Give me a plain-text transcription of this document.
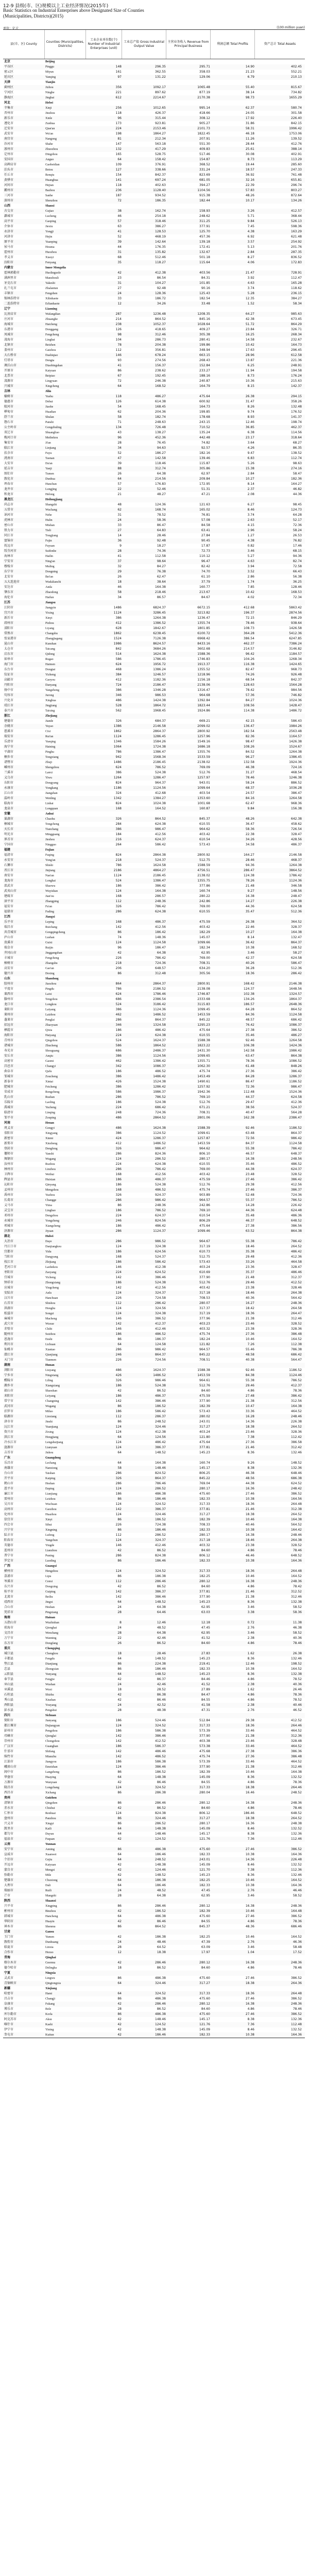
12-9 县级(市、区)规模以上工业经济情况(2015年)
Basic Statistics on Industrial Enterprises above Designated Size of Counties (Municipalities, Districts)(2015)
单位：亿元	(100 million yuan)
县(市、区) County
Counties (Municipalities, Districts)
工业企业单位数(个) Number of Industrial Enterprises (unit)
工业总产值 Gross Industrial Output Value
主营业务收入 Revenue from Principal Business
利润总额 Total Profits	资产总计 Total Assets
北京	Beijing
平谷区	Pinggu	148	296.35	295.71	14.90	402.45
密云区	Miyun	161	362.55	358.03	21.23	552.21
延庆区	Yanqing	97	131.22	129.06	6.79	210.13
天津	Tianjin
蓟州区	Jizhou	356	1092.17	1065.48	55.40	815.67
宁河区	Ninghe	221	897.62	877.19	38.14	734.82
静海区	Jinghai	612	2214.67	2170.38	98.73	1655.29
河北	Hebei
辛集市	Xinji	256	1012.65	995.14	62.37	580.74
晋州市	Jinzhou	118	426.37	418.66	24.05	301.58
新乐市	Xinle	96	315.44	308.12	17.92	226.40
遵化市	Zunhua	173	923.81	905.27	31.86	842.15
迁安市	Qian'an	224	2153.46	2101.73	58.31	1996.42
武安市	Wu'an	198	1864.27	1822.45	46.18	1753.06
南宫市	Nangong	81	212.34	207.91	11.26	139.52
沙河市	Shahe	147	563.18	551.30	28.44	412.76
涿州市	Zhuozhou	132	417.29	409.83	25.61	388.14
定州市	Dingzhou	165	528.75	517.46	30.08	402.91
安国市	Anguo	64	158.42	154.87	8.73	113.29
高碑店市	Gaobeidian	109	376.91	368.52	19.44	285.60
泊头市	Botou	127	338.66	331.24	18.57	247.33
任丘市	Renqiu	154	842.37	823.69	36.92	761.48
黄骅市	Huanghua	141	697.24	681.05	32.16	655.81
河间市	Hejian	118	402.63	394.27	22.39	296.74
霸州市	Bazhou	236	1128.40	1104.56	57.83	803.27
三河市	Sanhe	187	934.52	915.38	48.26	872.64
深州市	Shenzhou	72	186.35	182.44	10.17	134.26
山西	Shanxi
古交市	Gujiao	38	162.74	158.93	3.26	412.57
潞城市	Lucheng	46	254.18	248.62	5.71	368.44
高平市	Gaoping	57	318.46	311.25	9.84	526.13
介休市	Jiexiu	63	386.27	377.91	7.45	598.36
永济市	Yongji	41	128.53	125.70	4.38	163.29
河津市	Hejin	52	468.19	457.36	6.92	621.48
原平市	Yuanping	39	142.64	139.18	3.57	254.92
侯马市	Houma	44	176.35	172.41	5.13	201.76
霍州市	Huozhou	31	135.82	132.67	2.84	287.35
孝义市	Xiaoyi	68	512.46	501.18	8.27	836.52
汾阳市	Fenyang	35	118.27	115.64	4.06	172.83
内蒙古	Inner Mongolia
霍林郭勒市	Huolinguole	42	412.38	403.56	21.47	728.91
满洲里市	Manzhouli	23	86.54	84.31	3.92	112.47
牙克石市	Yakeshi	31	104.27	101.85	4.63	165.28
扎兰屯市	Zhalantun	27	92.48	90.16	3.74	118.62
丰镇市	Fengzhen	24	128.36	125.43	5.28	236.15
锡林浩特市	Xilinhaote	33	186.72	182.54	12.35	384.27
二连浩特市	Erlianhaote	12	34.26	33.48	1.52	58.34
辽宁	Liaoning
瓦房店市	Wafangdian	287	1236.48	1208.35	64.27	985.63
庄河市	Zhuanghe	214	864.52	845.16	42.38	673.45
海城市	Haicheng	238	1052.37	1028.64	51.72	864.29
东港市	Donggang	126	418.65	409.27	23.84	326.71
凤城市	Fengcheng	98	312.46	305.38	16.25	268.34
凌海市	Linghai	104	286.73	280.41	14.58	232.67
北镇市	Beizhen	78	204.38	199.86	10.42	164.73
盖州市	Gaizhou	112	356.81	348.94	17.63	296.45
大石桥市	Dashiqiao	146	678.24	663.15	28.96	612.58
灯塔市	Dengta	93	274.56	268.43	13.87	221.36
调兵山市	Diaobingshan	41	156.37	152.84	6.25	248.91
开原市	Kaiyuan	86	238.62	233.27	11.94	194.58
北票市	Beipiao	67	192.45	188.16	8.73	176.24
凌源市	Lingyuan	72	246.38	240.87	10.36	215.63
兴城市	Xingcheng	64	168.52	164.79	8.15	142.37
吉林	Jilin
榆树市	Yushu	118	486.27	475.64	26.38	294.15
德惠市	Dehui	126	614.38	600.92	31.47	358.26
蛟河市	Jiaohe	54	168.45	164.73	8.26	132.48
桦甸市	Huadian	62	204.36	199.85	9.74	176.52
舒兰市	Shulan	58	182.74	178.68	8.93	141.37
磐石市	Panshi	71	248.63	243.15	12.46	198.74
公主岭市	Gongzhuling	134	726.48	710.52	36.85	462.37
双辽市	Shuangliao	43	138.27	135.24	6.38	114.56
梅河口市	Meihekou	96	452.36	442.48	23.17	318.64
集安市	Ji'an	28	76.45	74.82	3.64	68.27
临江市	Linjiang	34	94.63	92.57	4.26	86.35
扶余市	Fuyu	52	186.27	182.16	9.47	138.52
洮南市	Taonan	47	142.58	139.46	6.83	112.74
大安市	Da'an	39	118.46	115.87	5.26	98.63
延吉市	Yanji	88	312.74	305.86	15.38	274.16
图们市	Tumen	26	64.38	62.97	2.84	58.47
敦化市	Dunhua	64	214.56	209.84	10.27	182.36
珲春市	Hunchun	57	176.83	172.95	8.14	164.27
龙井市	Longjing	22	52.46	51.31	2.37	46.82
和龙市	Helong	21	48.27	47.21	2.08	44.36
黑龙江	Heilongjiang
尚志市	Shangzhi	48	124.36	121.63	6.27	98.45
五常市	Wuchang	62	168.74	165.02	8.46	124.73
讷河市	Nehe	31	78.52	76.81	3.74	64.28
虎林市	Hulin	24	58.36	57.08	2.63	52.17
密山市	Mishan	33	86.47	84.58	4.15	72.36
铁力市	Tieli	27	64.83	63.41	2.96	58.24
同江市	Tongjiang	14	28.46	27.84	1.27	26.53
富锦市	Fujin	36	92.48	90.45	4.38	76.82
抚远市	Fuyuan	9	18.27	17.87	0.82	17.46
绥芬河市	Suifenhe	28	74.36	72.73	3.46	68.15
海林市	Hailin	41	112.58	110.12	5.27	94.36
宁安市	Ning'an	37	98.64	96.47	4.63	82.74
穆棱市	Muling	32	84.27	82.42	3.94	72.58
东宁市	Dongning	29	76.38	74.70	3.52	66.43
北安市	Bei'an	26	62.47	61.10	2.86	56.38
五大连池市	Wudalianchi	18	38.64	37.79	1.74	36.25
安达市	Anda	46	164.38	160.77	7.85	128.46
肇东市	Zhaodong	58	218.46	213.67	10.42	168.53
海伦市	Hailun	34	86.57	84.67	4.02	72.34
江苏	Jiangsu
江阴市	Jiangyin	1486	6824.37	6672.15	412.68	5863.42
宜兴市	Yixing	1124	3286.45	3213.82	196.37	2874.56
新沂市	Xinyi	386	1264.38	1236.47	72.15	846.29
邳州市	Pizhou	412	1386.52	1355.74	78.46	938.64
溧阳市	Liyang	628	1842.67	1801.85	108.73	1426.58
常熟市	Changshu	1862	6238.45	6100.72	364.28	5412.36
张家港市	Zhangjiagang	1524	7126.38	6968.42	386.54	6247.85
昆山市	Kunshan	1986	8624.57	8433.16	462.37	7386.24
太仓市	Taicang	842	3684.26	3602.68	214.57	3146.82
启东市	Qidong	514	1624.38	1588.36	96.42	1184.57
如皋市	Rugao	586	1786.45	1746.83	104.26	1268.34
海门市	Haimen	624	1956.72	1913.37	116.38	1424.65
东台市	Dongtai	468	1386.24	1355.52	82.47	968.73
仪征市	Yizheng	384	1246.57	1218.96	74.26	926.48
高邮市	Gaoyou	412	1182.36	1156.18	68.54	842.37
丹阳市	Danyang	724	2186.47	2138.06	128.63	1564.28
扬中市	Yangzhong	386	1346.28	1316.47	78.42	984.56
句容市	Jurong	346	986.53	964.68	57.36	746.82
兴化市	Xinghua	486	1424.38	1392.84	84.27	1024.36
靖江市	Jingjiang	528	1864.72	1823.44	108.56	1428.47
泰兴市	Taixing	562	1968.45	1924.86	114.38	1486.72
浙江	Zhejiang
建德市	Jiande	326	684.37	669.21	42.15	586.43
余姚市	Yuyao	1386	2146.58	2099.02	136.47	1984.26
慈溪市	Cixi	1862	2864.37	2800.92	182.54	2563.48
瑞安市	Rui'an	1124	1286.45	1257.96	82.36	1164.57
乐清市	Yueqing	1346	1584.26	1549.16	98.47	1426.38
海宁市	Haining	1064	1724.38	1686.18	108.26	1524.67
平湖市	Pinghu	786	1386.47	1355.76	84.52	1264.38
桐乡市	Tongxiang	942	1568.34	1533.59	96.27	1386.45
诸暨市	Zhuji	1486	2186.45	2138.02	132.58	1924.36
嵊州市	Shengzhou	624	786.52	769.09	46.38	724.16
兰溪市	Lanxi	386	524.38	512.76	31.27	468.54
义乌市	Yiwu	1264	1286.47	1257.97	78.46	1246.38
东阳市	Dongyang	824	964.37	943.01	58.24	886.52
永康市	Yongkang	1186	1124.56	1099.64	68.37	1036.28
江山市	Jiangshan	324	412.68	403.54	24.57	386.47
温岭市	Wenling	1342	1384.27	1353.60	84.16	1264.58
临海市	Linhai	824	1024.38	1001.68	62.47	968.36
龙泉市	Longquan	168	164.52	160.87	9.84	156.38
安徽	Anhui
巢湖市	Chaohu	326	864.52	845.37	48.26	642.38
桐城市	Tongcheng	284	624.38	610.55	36.47	458.62
天长市	Tianchang	386	986.47	964.62	58.36	726.54
明光市	Mingguang	184	412.56	403.42	22.38	328.47
界首市	Jieshou	216	624.37	610.54	34.26	428.56
宁国市	Ningguo	264	586.42	573.43	34.58	486.37
福建	Fujian
福清市	Fuqing	824	2864.38	2800.92	164.27	2146.58
永安市	Yong'an	218	524.37	512.75	28.46	468.37
石狮市	Shishi	786	1624.58	1588.59	94.36	1264.38
晋江市	Jinjiang	2186	4864.27	4756.51	286.47	3864.52
南安市	Nan'an	1124	2186.45	2138.02	124.38	1786.42
龙海市	Longhai	524	1386.47	1355.75	78.26	1124.36
邵武市	Shaowu	186	386.42	377.86	21.48	346.58
武夷山市	Wuyishan	124	164.38	160.74	9.27	148.56
建瓯市	Jian'ou	168	286.57	280.22	16.38	248.47
漳平市	Zhangping	112	248.36	242.86	14.27	226.38
福安市	Fu'an	326	786.42	769.00	44.36	624.58
福鼎市	Fuding	286	624.38	610.55	35.47	512.36
江西	Jiangxi
乐平市	Leping	168	486.37	475.59	26.38	364.52
瑞昌市	Ruichang	142	412.56	403.42	22.46	328.37
共青城市	Gongqingcheng	86	186.42	182.29	10.27	164.38
庐山市	Lushan	74	148.36	145.07	8.14	132.47
贵溪市	Guixi	124	1124.58	1099.66	36.42	864.37
瑞金市	Ruijin	96	186.47	182.34	10.38	168.52
井冈山市	Jinggangshan	42	64.38	62.95	3.46	58.27
丰城市	Fengcheng	226	786.42	769.00	42.37	624.58
樟树市	Zhangshu	218	724.36	708.31	40.26	586.47
高安市	Gao'an	206	648.57	634.20	36.28	512.36
德兴市	Dexing	86	312.48	305.56	18.36	286.42
山东	Shandong
胶州市	Jiaozhou	864	2864.37	2800.91	168.42	2146.38
平度市	Pingdu	786	2186.52	2138.08	124.37	1648.56
莱西市	Laixi	624	1786.46	1746.87	102.38	1324.57
滕州市	Tengzhou	686	2386.54	2333.68	134.26	1864.37
龙口市	Longkou	524	3186.42	3115.83	186.57	2648.36
莱阳市	Laiyang	386	1124.36	1099.45	64.28	864.52
莱州市	Laizhou	462	1486.52	1453.59	84.36	1124.58
蓬莱市	Penglai	286	864.37	845.22	48.57	686.42
招远市	Zhaoyuan	346	1324.58	1295.23	76.42	1086.37
栖霞市	Qixia	186	486.42	475.64	27.38	386.52
海阳市	Haiyang	224	624.38	610.55	35.46	486.27
青州市	Qingzhou	524	1624.37	1588.38	92.46	1264.58
诸城市	Zhucheng	586	1864.52	1823.22	106.38	1424.36
寿光市	Shouguang	686	2486.37	2431.30	142.58	1986.42
安丘市	Anqiu	386	1124.56	1099.65	63.47	864.38
高密市	Gaomi	462	1386.42	1355.71	78.36	1086.52
昌邑市	Changyi	342	1086.37	1062.30	61.48	848.26
曲阜市	Qufu	186	486.52	475.74	27.36	386.42
邹城市	Zoucheng	386	1486.42	1453.49	84.28	1286.37
新泰市	Xintai	426	1524.38	1490.61	86.47	1186.52
肥城市	Feicheng	386	1286.42	1257.92	72.36	986.47
荣成市	Rongcheng	586	1986.37	1942.36	112.48	1524.36
乳山市	Rushan	286	786.52	769.10	44.37	624.58
乐陵市	Laoling	186	524.38	512.76	29.47	412.36
禹城市	Yucheng	224	686.42	671.21	38.56	524.37
临清市	Linqing	248	724.36	708.31	40.47	564.28
邹平市	Zouping	486	2864.52	2801.06	162.38	2386.47
河南	Henan
巩义市	Gongyi	486	1624.38	1588.39	92.46	1186.52
荥阳市	Xingyang	386	1124.52	1099.61	63.48	864.37
新密市	Xinmi	424	1286.37	1257.87	72.56	986.42
新郑市	Xinzheng	412	1486.52	1453.59	84.37	1124.58
登封市	Dengfeng	326	986.47	964.62	55.38	786.42
偃师市	Yanshi	286	824.36	806.10	46.57	648.37
舞钢市	Wugang	124	286.52	280.17	16.38	248.56
汝州市	Ruzhou	224	624.38	610.55	35.46	486.52
林州市	Linzhou	286	786.42	769.00	44.38	624.37
卫辉市	Weihui	168	412.56	403.42	23.48	328.52
辉县市	Huixian	186	486.37	475.59	27.46	386.42
沁阳市	Qinyang	186	524.38	512.76	29.38	412.56
孟州市	Mengzhou	168	486.52	475.74	27.46	386.37
禹州市	Yuzhou	326	924.37	903.89	52.48	724.36
长葛市	Changge	286	986.42	964.57	55.37	786.52
义马市	Yima	86	248.36	242.86	14.28	226.42
灵宝市	Lingbao	186	786.52	769.10	44.36	624.48
邓州市	Dengzhou	224	624.37	610.54	35.48	486.36
永城市	Yongcheng	246	824.56	806.29	46.37	648.52
项城市	Xiangcheng	186	486.42	475.64	27.38	386.56
济源市	Jiyuan	286	1124.37	1099.46	63.52	864.38
湖北	Hubei
大冶市	Daye	286	986.52	964.67	55.38	786.42
丹江口市	Danjiangkou	124	324.38	317.19	18.46	264.52
宜都市	Yidu	186	624.56	610.73	35.38	486.42
当阳市	Dangyang	168	524.37	512.75	29.48	412.36
枝江市	Zhijiang	186	586.42	573.43	33.26	464.58
老河口市	Laohekou	146	412.38	403.24	23.36	328.47
枣阳市	Zaoyang	224	624.52	610.69	35.37	486.46
宜城市	Yicheng	142	386.46	377.90	21.48	312.37
钟祥市	Zhongxiang	186	524.38	512.76	29.46	412.52
应城市	Yingcheng	142	412.56	403.42	23.38	328.46
安陆市	Anlu	124	324.37	317.18	18.46	264.38
汉川市	Hanchuan	226	724.58	708.53	40.36	564.42
石首市	Shishou	112	286.42	280.07	16.27	248.36
洪湖市	Honghu	124	324.56	317.37	18.42	264.58
松滋市	Songzi	124	324.38	317.19	18.36	264.47
麻城市	Macheng	146	386.52	377.96	21.38	312.46
武穴市	Wuxue	142	412.37	403.23	23.46	328.52
赤壁市	Chibi	146	412.46	403.32	23.38	328.36
随州市	Suizhou	186	486.52	475.74	27.36	386.48
恩施市	Enshi	86	186.37	182.24	10.46	164.52
利川市	Lichuan	64	124.58	121.82	7.26	112.38
仙桃市	Xiantao	286	986.42	964.57	55.46	786.38
潜江市	Qianjiang	246	864.37	845.22	48.58	686.42
天门市	Tianmen	226	724.56	708.51	40.38	564.47
湖南	Hunan
浏阳市	Liuyang	486	1624.37	1588.38	92.46	1186.52
宁乡市	Ningxiang	426	1486.52	1453.59	84.38	1124.46
醴陵市	Liling	326	986.46	964.61	55.38	786.52
湘乡市	Xiangxiang	186	524.38	512.76	29.46	412.37
韶山市	Shaoshan	42	86.52	84.60	4.86	78.36
耒阳市	Leiyang	186	486.37	475.59	27.48	386.42
常宁市	Changning	142	386.46	377.90	21.38	312.56
武冈市	Wugang	86	186.52	182.39	10.47	164.38
汨罗市	Miluo	186	586.42	573.43	33.36	464.52
临湘市	Linxiang	112	286.37	280.02	16.28	248.46
津市市	Jinshi	86	248.52	243.01	14.36	226.38
沅江市	Yuanjiang	124	324.46	317.27	18.38	264.52
资兴市	Zixing	124	412.38	403.24	23.46	328.36
洪江市	Hongjiang	64	124.56	121.80	7.38	112.42
冷水江市	Lengshuijiang	124	486.42	475.64	27.36	386.58
涟源市	Lianyuan	124	386.37	377.81	21.46	312.42
吉首市	Jishou	64	148.52	145.23	8.36	132.46
广东	Guangdong
乐昌市	Lechang	64	164.38	160.74	9.26	148.52
南雄市	Nanxiong	58	148.46	145.17	8.38	132.36
台山市	Taishan	286	824.52	806.25	46.38	648.46
开平市	Kaiping	326	864.37	845.22	48.56	686.38
鹤山市	Heshan	286	786.46	769.04	44.38	624.52
恩平市	Enping	124	286.52	280.17	16.36	248.42
廉江市	Lianjiang	186	486.38	475.60	27.46	386.52
雷州市	Leizhou	86	186.46	182.33	10.38	164.56
吴川市	Wuchuan	124	324.52	317.33	18.36	264.48
高州市	Gaozhou	142	386.37	377.81	21.46	312.38
化州市	Huazhou	124	324.46	317.27	18.38	264.52
信宜市	Xinyi	86	186.52	182.39	10.46	164.38
四会市	Sihui	226	724.38	708.33	40.46	564.52
兴宁市	Xingning	86	186.46	182.33	10.38	164.42
陆丰市	Lufeng	112	286.52	280.17	16.38	248.46
阳春市	Yangchun	124	324.37	317.18	18.46	264.38
英德市	Yingde	146	412.46	403.32	23.38	328.52
连州市	Lianzhou	42	86.52	84.60	4.86	78.46
普宁市	Puning	286	824.38	806.12	46.46	648.52
罗定市	Luoding	86	186.46	182.33	10.38	164.36
广西	Guangxi
横州市	Hengzhou	124	324.52	317.33	18.36	264.48
荔浦市	Lipu	86	186.38	182.25	10.46	164.52
岑溪市	Cenxi	112	286.46	280.12	16.38	248.36
东兴市	Dongxing	42	86.52	84.60	4.86	78.42
桂平市	Guiping	142	386.37	377.81	21.46	312.52
北流市	Beiliu	142	386.46	377.90	21.38	312.46
靖西市	Jingxi	64	148.52	145.23	8.36	132.38
合山市	Heshan	24	64.38	62.95	3.46	58.52
凭祥市	Pingxiang	28	64.46	63.03	3.38	58.36
海南	Hainan
五指山市	Wuzhishan	8	12.46	12.18	0.72	11.38
琼海市	Qionghai	24	48.52	47.45	2.76	46.38
文昌市	Wenchang	28	64.38	62.95	3.46	58.52
万宁市	Wanning	22	42.46	41.52	2.38	40.36
东方市	Dongfang	26	86.52	84.60	4.86	78.46
重庆	Chongqing
城口县	Chengkou	18	28.46	27.83	1.62	26.38
丰都县	Fengdu	64	148.52	145.23	8.36	132.46
垫江县	Dianjiang	86	224.38	219.41	12.46	198.52
忠县	Zhongxian	86	186.46	182.33	10.38	164.52
云阳县	Yunyang	64	148.52	145.23	8.36	132.38
奉节县	Fengjie	42	86.37	84.46	4.86	78.52
巫山县	Wushan	24	42.46	41.52	2.38	40.36
巫溪县	Wuxi	18	28.52	27.89	1.62	26.46
石柱县	Shizhu	42	86.38	84.47	4.86	78.36
秀山县	Xiushan	42	86.46	84.55	4.86	78.52
酉阳县	Youyang	24	42.52	41.58	2.38	40.46
彭水县	Pengshui	28	48.38	47.31	2.76	46.52
四川	Sichuan
简阳市	Jianyang	186	524.46	512.84	29.38	412.52
都江堰市	Dujiangyan	124	324.52	317.33	18.36	264.46
彭州市	Pengzhou	186	586.38	573.39	33.46	464.52
邛崃市	Qionglai	142	386.46	377.90	21.38	312.36
崇州市	Chongzhou	142	412.52	403.38	23.46	328.48
广汉市	Guanghan	186	586.37	573.38	33.46	464.52
什邡市	Shifang	142	486.46	475.68	27.38	386.36
绵竹市	Mianzhu	142	486.52	475.74	27.36	386.48
江油市	Jiangyou	186	586.38	573.39	33.46	464.52
峨眉山市	Emeishan	124	386.46	377.90	21.38	312.46
阆中市	Langzhong	86	186.52	182.39	10.46	164.38
华蓥市	Huaying	64	148.38	145.09	8.36	132.52
万源市	Wanyuan	42	86.46	84.55	4.86	78.36
隆昌市	Longchang	124	324.52	317.33	18.38	264.46
西昌市	Xichang	86	286.38	280.04	16.46	248.52
贵州	Guizhou
清镇市	Qingzhen	86	286.46	280.12	16.38	248.36
赤水市	Chishui	42	86.52	84.60	4.86	78.46
仁怀市	Renhuai	124	824.38	806.12	186.46	648.52
盘州市	Panzhou	86	324.46	317.27	18.38	264.52
兴义市	Xingyi	86	286.52	280.17	16.36	248.38
凯里市	Kaili	64	148.38	145.09	8.46	132.52
都匀市	Duyun	64	148.46	145.17	8.38	132.36
福泉市	Fuquan	42	124.52	121.76	7.36	112.46
云南	Yunnan
安宁市	Anning	86	486.38	475.60	27.46	386.52
宣威市	Xuanwei	64	186.46	182.33	10.38	164.36
个旧市	Gejiu	64	248.52	243.01	14.36	226.48
开远市	Kaiyuan	42	148.38	145.09	8.46	132.52
蒙自市	Mengzi	42	124.46	121.70	7.38	112.36
弥勒市	Mile	42	148.52	145.23	8.36	132.46
楚雄市	Chuxiong	64	186.38	182.25	10.46	164.52
大理市	Dali	64	186.46	182.33	10.38	164.36
瑞丽市	Ruili	24	48.52	47.45	2.76	46.46
芒市	Mangshi	28	64.38	62.95	3.46	58.52
陕西	Shaanxi
兴平市	Xingping	86	286.46	280.12	16.38	248.36
彬州市	Binzhou	42	186.52	182.39	10.46	164.48
韩城市	Hancheng	64	486.38	475.60	27.46	386.52
华阴市	Huayin	42	86.46	84.55	4.86	78.36
神木市	Shenmu	86	864.52	845.37	48.36	686.46
甘肃	Gansu
玉门市	Yumen	42	186.38	182.25	10.46	164.52
敦煌市	Dunhuang	24	48.46	47.39	2.76	46.36
临夏市	Linxia	28	64.52	63.09	3.46	58.48
合作市	Hezuo	12	18.38	17.97	1.04	17.52
青海	Qinghai
格尔木市	Geermu	42	286.46	280.12	16.38	248.36
德令哈市	Delingha	18	86.52	84.60	4.86	78.46
宁夏	Ningxia
灵武市	Lingwu	86	486.38	475.60	27.46	386.52
青铜峡市	Qingtongxia	64	324.46	317.27	18.38	264.36
新疆	Xinjiang
哈密市	Hami	64	324.52	317.33	18.36	264.48
昌吉市	Changji	86	486.38	475.60	27.46	386.52
阜康市	Fukang	42	286.46	280.12	16.38	248.36
博乐市	Bole	28	86.52	84.60	4.86	78.46
库尔勒市	Korla	86	486.38	475.60	27.46	386.52
阿克苏市	Aksu	42	148.46	145.17	8.38	132.36
喀什市	Kashi	42	124.52	121.76	7.36	112.48
伊宁市	Yining	42	148.38	145.09	8.46	132.52
奎屯市	Kuitun	42	186.46	182.33	10.38	164.36
